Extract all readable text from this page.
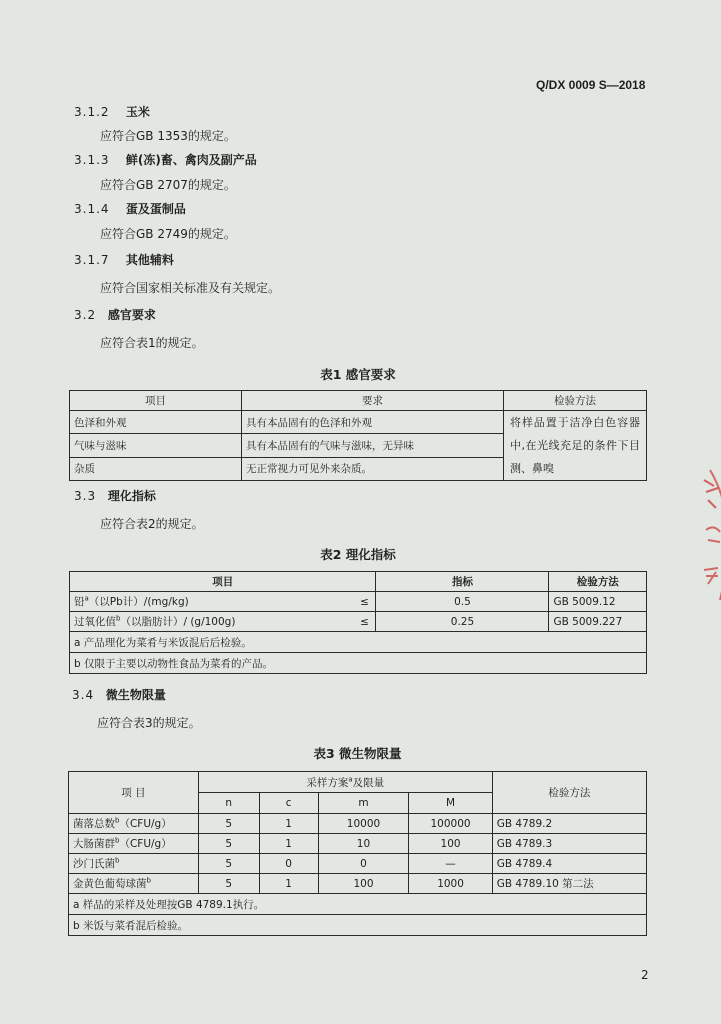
Q/DX 0009 S—2018
3.1.2 玉米
应符合GB 1353的规定。
3.1.3 鲜(冻)畜、禽肉及副产品
应符合GB 2707的规定。
3.1.4 蛋及蛋制品
应符合GB 2749的规定。
3.1.7 其他辅料
应符合国家相关标准及有关规定。
3.2 感官要求
应符合表1的规定。
表1 感官要求
项目	要求	检验方法
色泽和外观	具有本品固有的色泽和外观	将样品置于洁净白色容器中,在光线充足的条件下目测、鼻嗅
气味与滋味	具有本品固有的气味与滋味，无异味	
杂质	无正常视力可见外来杂质。	
3.3 理化指标
应符合表2的规定。
表2 理化指标
项目		指标	检验方法
铅$^a$（以Pb计）/(mg/kg)	≤	0.5	GB 5009.12
过氧化值$^b$（以脂肪计）/ (g/100g)	≤	0.25	GB 5009.227
a 产品理化为菜肴与米饭混后后检验。			
b 仅限于主要以动物性食品为菜肴的产品。			
3.4 微生物限量
应符合表3的规定。
表3 微生物限量
项 目	采样方案$^a$及限量				检验方法
	n	c	m	M	
菌落总数$^b$（CFU/g）	5	1	10000	100000	GB 4789.2
大肠菌群$^b$（CFU/g）	5	1	10	100	GB 4789.3
沙门氏菌$^b$	5	0	0	—	GB 4789.4
金黄色葡萄球菌$^b$	5	1	100	1000	GB 4789.10 第二法
a 样品的采样及处理按GB 4789.1执行。					
b 米饭与菜肴混后检验。					
2
